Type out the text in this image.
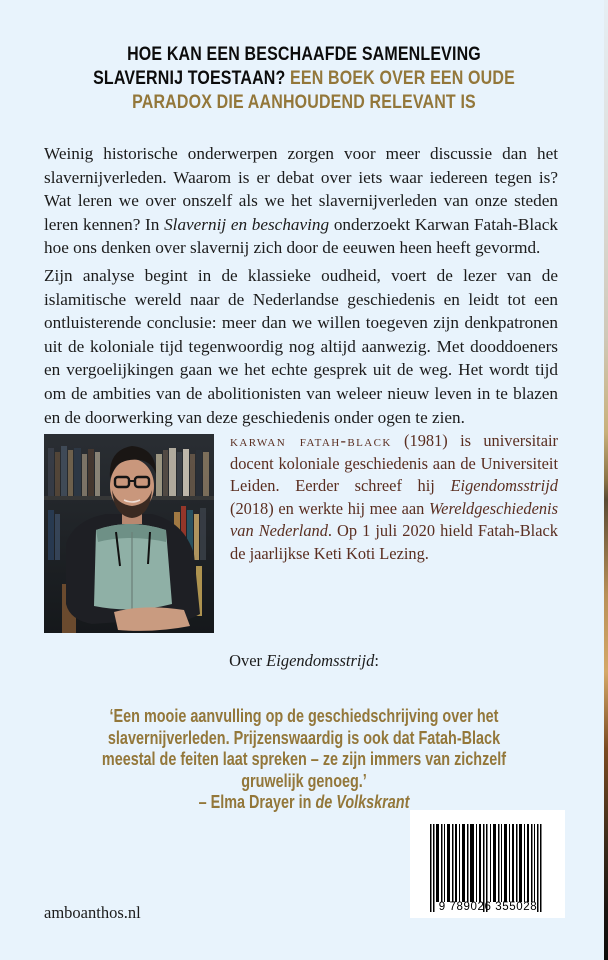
HOE KAN EEN BESCHAAFDE SAMENLEVING SLAVERNIJ TOESTAAN? EEN BOEK OVER EEN OUDE PARADOX DIE AANHOUDEND RELEVANT IS
Weinig historische onderwerpen zorgen voor meer discussie dan het slavernijverleden. Waarom is er debat over iets waar iedereen tegen is? Wat leren we over onszelf als we het slavernijverleden van onze steden leren kennen? In Slavernij en beschaving onderzoekt Karwan Fatah-Black hoe ons denken over slavernij zich door de eeuwen heen heeft gevormd.
Zijn analyse begint in de klassieke oudheid, voert de lezer van de islamitische wereld naar de Nederlandse geschiedenis en leidt tot een ontluisterende conclusie: meer dan we willen toegeven zijn denkpatronen uit de koloniale tijd tegenwoordig nog altijd aanwezig. Met dooddoeners en vergoelijkingen gaan we het echte gesprek uit de weg. Het wordt tijd om de ambities van de abolitionisten van weleer nieuw leven in te blazen en de doorwerking van deze geschiedenis onder ogen te zien.
karwan fatah-black (1981) is universitair docent koloniale geschiedenis aan de Universiteit Leiden. Eerder schreef hij Eigendomsstrijd (2018) en werkte hij mee aan Wereldgeschiedenis van Nederland. Op 1 juli 2020 hield Fatah-Black de jaarlijkse Keti Koti Lezing.
Over Eigendomsstrijd:
‘Een mooie aanvulling op de geschiedschrijving over het slavernijverleden. Prijzenswaardig is ook dat Fatah-Black meestal de feiten laat spreken – ze zijn immers van zichzelf gruwelijk genoeg.’
– Elma Drayer in de Volkskrant
amboanthos.nl	9 789026 355028
